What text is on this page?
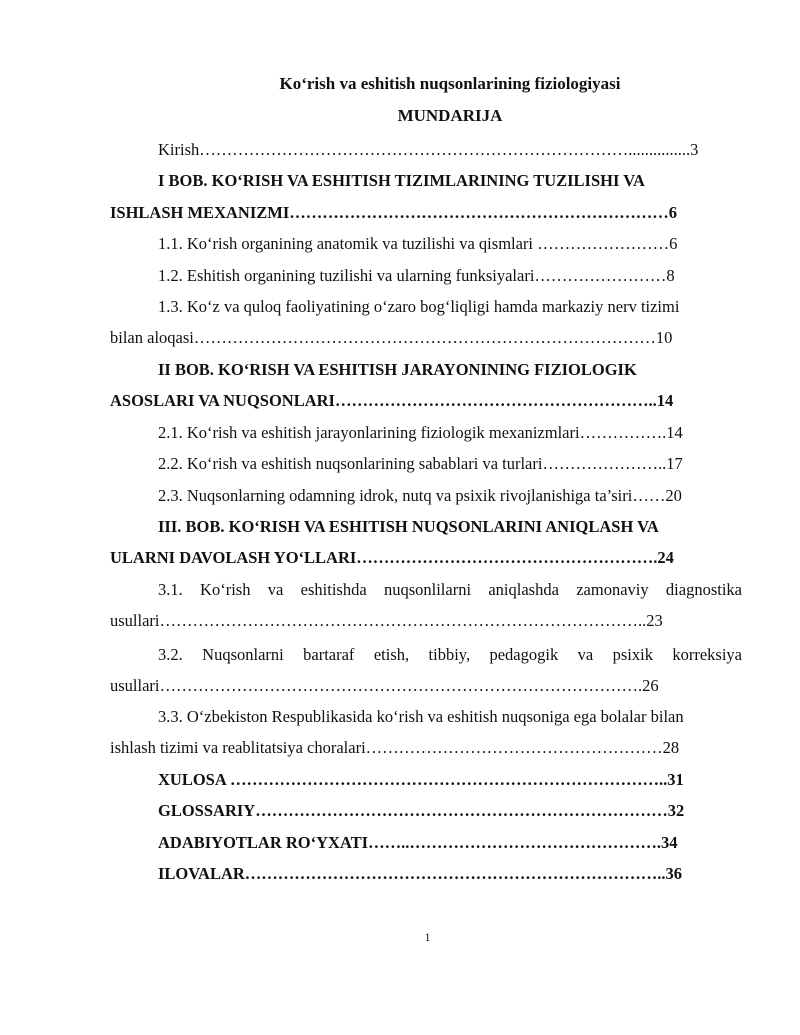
Ko‘rish va eshitish nuqsonlarining fiziologiyasi
MUNDARIJA
Kirish……………………………………………………………………...............3
I BOB. KO‘RISH VA ESHITISH TIZIMLARINING TUZILISHI VA
ISHLASH MEXANIZMI……………………………………………………………6
1.1. Ko‘rish organining anatomik va tuzilishi va qismlari ……………………6
1.2. Eshitish organining tuzilishi va ularning funksiyalari……………………8
1.3. Ko‘z va quloq faoliyatining o‘zaro bog‘liqligi hamda markaziy nerv tizimi
bilan aloqasi…………………………………………………………………………10
II BOB. KO‘RISH VA ESHITISH JARAYONINING FIZIOLOGIK
ASOSLARI VA NUQSONLARI…………………………………………………..14
2.1. Ko‘rish va eshitish jarayonlarining fiziologik mexanizmlari…………….14
2.2. Ko‘rish va eshitish nuqsonlarining sabablari va turlari…………………..17
2.3. Nuqsonlarning odamning idrok, nutq va psixik rivojlanishiga ta’siri……20
III. BOB. KO‘RISH VA ESHITISH NUQSONLARINI ANIQLASH VA
ULARNI DAVOLASH YO‘LLARI……………………………………………….24
3.1. Ko‘rish va eshitishda nuqsonlilarni aniqlashda zamonaviy diagnostika
usullari……………………………………………………………………………..23
3.2. Nuqsonlarni bartaraf etish, tibbiy, pedagogik va psixik korreksiya
usullari…………………………………………………………………………….26
3.3. O‘zbekiston Respublikasida ko‘rish va eshitish nuqsoniga ega bolalar bilan
ishlash tizimi va reablitatsiya choralari………………………………………………28
XULOSA ……………………………………………………………………..31
GLOSSARIY…………………………………………………………………32
ADABIYOTLAR RO‘YXATI……..……………………………………….34
ILOVALAR…………………………………………………………………..36
1
